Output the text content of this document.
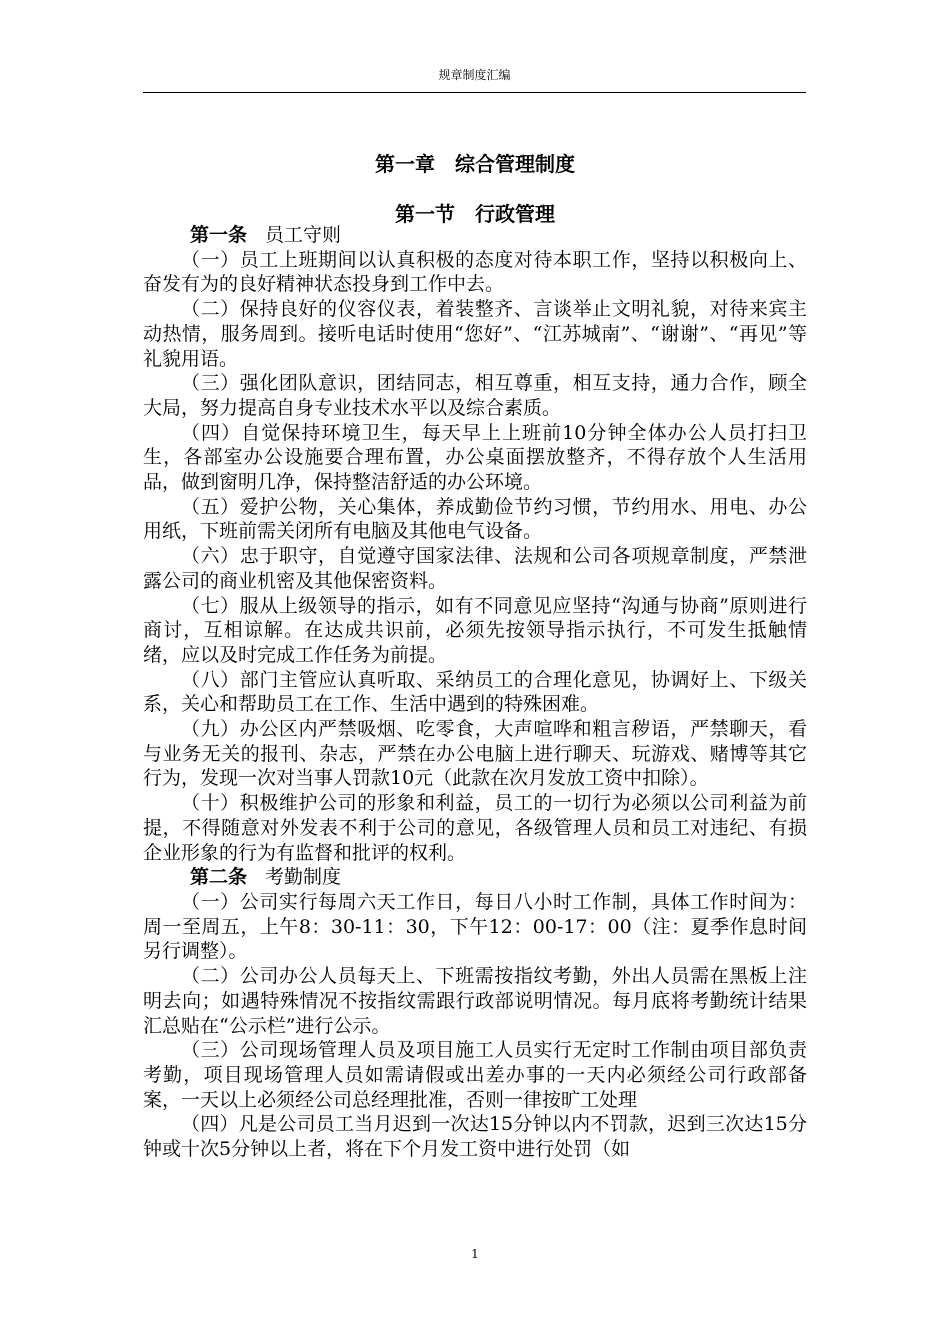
规章制度汇编
第一章　综合管理制度
第一节　行政管理

第一条 员工守则

（一）员工上班期间以认真积极的态度对待本职工作，坚持以积极向上、奋发有为的良好精神状态投身到工作中去。

（二）保持良好的仪容仪表，着装整齐、言谈举止文明礼貌，对待来宾主动热情，服务周到。接听电话时使用“您好”、“江苏城南”、“谢谢”、“再见”等礼貌用语。

（三）强化团队意识，团结同志，相互尊重，相互支持，通力合作，顾全大局，努力提高自身专业技术水平以及综合素质。

（四）自觉保持环境卫生，每天早上上班前10分钟全体办公人员打扫卫生，各部室办公设施要合理布置，办公桌面摆放整齐，不得存放个人生活用品，做到窗明几净，保持整洁舒适的办公环境。

（五）爱护公物，关心集体，养成勤俭节约习惯，节约用水、用电、办公用纸，下班前需关闭所有电脑及其他电气设备。

（六）忠于职守，自觉遵守国家法律、法规和公司各项规章制度，严禁泄露公司的商业机密及其他保密资料。

（七）服从上级领导的指示，如有不同意见应坚持“沟通与协商”原则进行商讨，互相谅解。在达成共识前，必须先按领导指示执行，不可发生抵触情绪，应以及时完成工作任务为前提。

（八）部门主管应认真听取、采纳员工的合理化意见，协调好上、下级关系，关心和帮助员工在工作、生活中遇到的特殊困难。

（九）办公区内严禁吸烟、吃零食，大声喧哗和粗言秽语，严禁聊天，看与业务无关的报刊、杂志，严禁在办公电脑上进行聊天、玩游戏、赌博等其它行为，发现一次对当事人罚款10元（此款在次月发放工资中扣除）。

（十）积极维护公司的形象和利益，员工的一切行为必须以公司利益为前提，不得随意对外发表不利于公司的意见，各级管理人员和员工对违纪、有损企业形象的行为有监督和批评的权利。

第二条 考勤制度

（一）公司实行每周六天工作日，每日八小时工作制，具体工作时间为：周一至周五，上午8：30-11：30，下午12：00-17：00（注：夏季作息时间另行调整）。

（二）公司办公人员每天上、下班需按指纹考勤，外出人员需在黑板上注明去向；如遇特殊情况不按指纹需跟行政部说明情况。每月底将考勤统计结果汇总贴在“公示栏”进行公示。

（三）公司现场管理人员及项目施工人员实行无定时工作制由项目部负责考勤，项目现场管理人员如需请假或出差办事的一天内必须经公司行政部备案，一天以上必须经公司总经理批准，否则一律按旷工处理

（四）凡是公司员工当月迟到一次达15分钟以内不罚款，迟到三次达15分钟或十次5分钟以上者，将在下个月发工资中进行处罚（如

1
